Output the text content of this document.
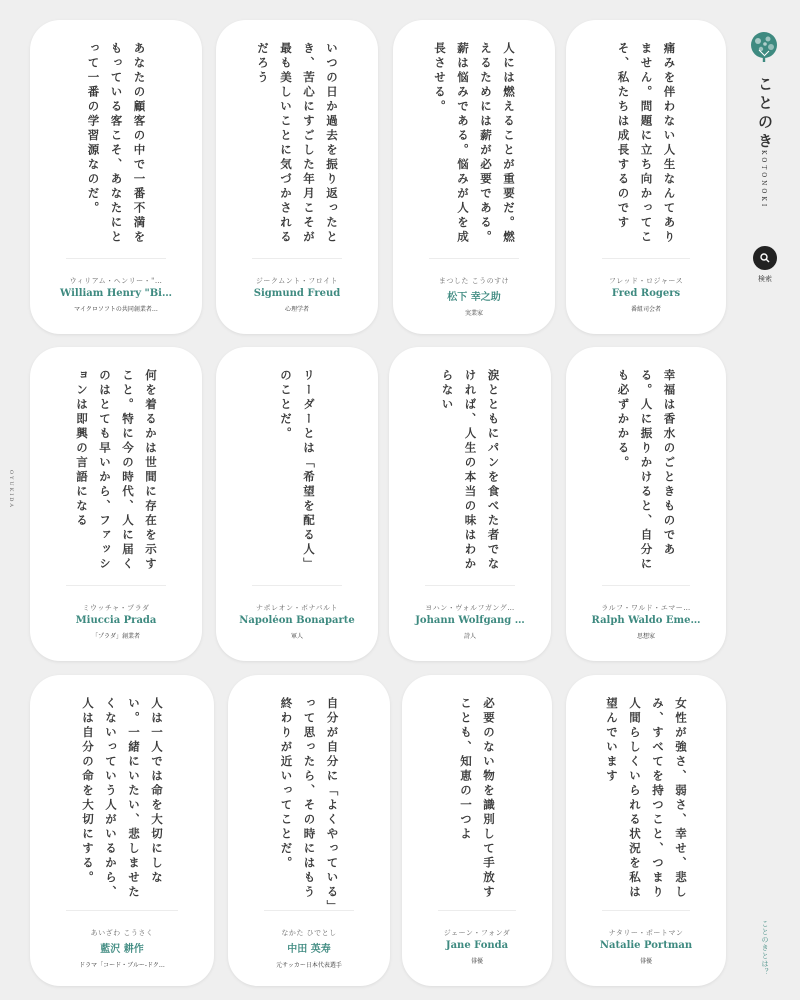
OYUKIDA
あなたの顧客の中で一番不満をもっている客こそ、あなたにとって一番の学習源なのだ。
ウィリアム・ヘンリー・"…
William Henry "Bi…
マイクロソフトの共同創業者…
いつの日か過去を振り返ったとき、苦心にすごした年月こそが最も美しいことに気づかされるだろう
ジークムント・フロイト
Sigmund Freud
心理学者
人には燃えることが重要だ。燃えるためには薪が必要である。薪は悩みである。悩みが人を成長させる。
まつした こうのすけ
松下 幸之助
実業家
痛みを伴わない人生なんてありません。問題に立ち向かってこそ、私たちは成長するのです
フレッド・ロジャース
Fred Rogers
番組司会者
何を着るかは世間に存在を示すこと。特に今の時代、人に届くのはとても早いから、ファッションは即興の言語になる
ミウッチャ・プラダ
Miuccia Prada
「プラダ」創業者
リーダーとは「希望を配る人」のことだ。
ナポレオン・ボナパルト
Napoléon Bonaparte
軍人
涙とともにパンを食べた者でなければ、人生の本当の味はわからない
ヨハン・ヴォルフガング…
Johann Wolfgang …
詩人
幸福は香水のごときものである。人に振りかけると、自分にも必ずかかる。
ラルフ・ワルド・エマー…
Ralph Waldo Eme…
思想家
人は一人では命を大切にしない。一緒にいたい、悲しませたくないっていう人がいるから、人は自分の命を大切にする。
あいざわ こうさく
藍沢 耕作
ドラマ「コード・ブルー-ドク…
自分が自分に「よくやっている」って思ったら、その時にはもう終わりが近いってことだ。
なかた ひでとし
中田 英寿
元サッカー日本代表選手
必要のない物を識別して手放すことも、知恵の一つよ
ジェーン・フォンダ
Jane Fonda
俳優
女性が強さ、弱さ、幸せ、悲しみ、すべてを持つこと、つまり人間らしくいられる状況を私は望んでいます
ナタリー・ポートマン
Natalie Portman
俳優
ことのき
KOTONOKI
検索
ことのきとは？
